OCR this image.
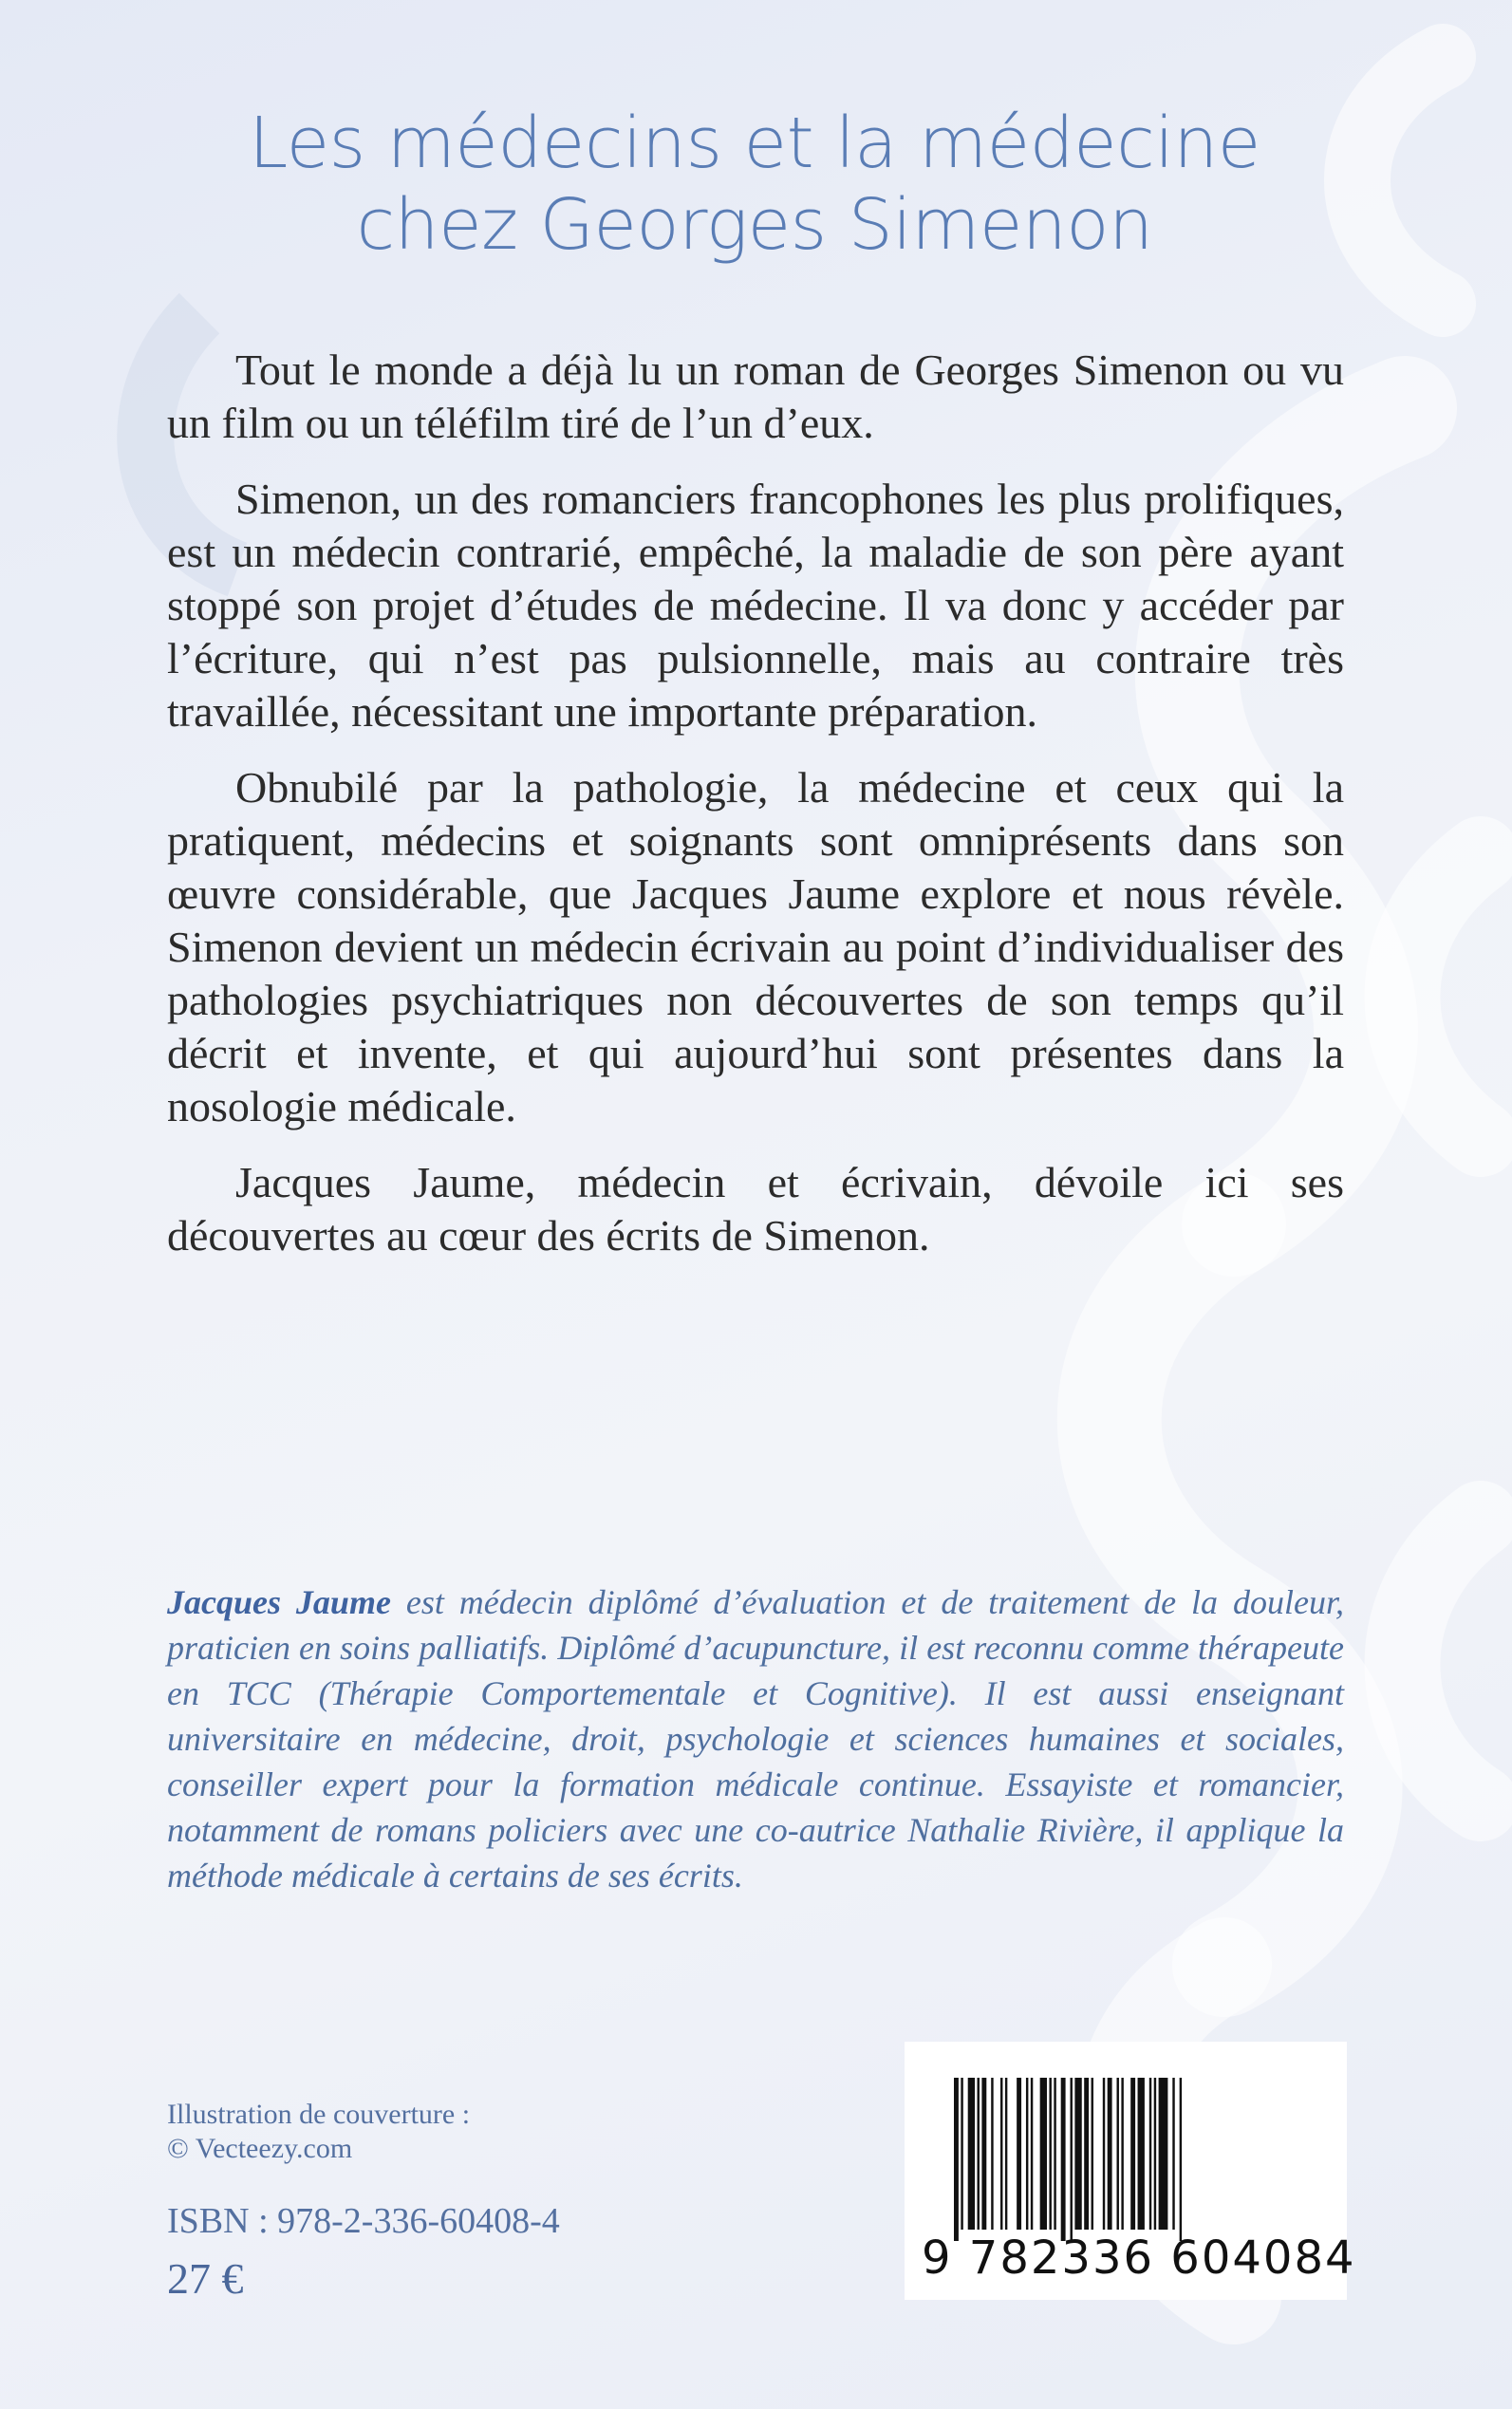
Les médecins et la médecine
chez Georges Simenon

Tout le monde a déjà lu un roman de Georges Simenon ou vu un film ou un téléfilm tiré de l’un d’eux.

Simenon, un des romanciers francophones les plus prolifiques, est un médecin contrarié, empêché, la maladie de son père ayant stoppé son projet d’études de médecine. Il va donc y accéder par l’écriture, qui n’est pas pulsionnelle, mais au contraire très travaillée, nécessitant une importante préparation.

Obnubilé par la pathologie, la médecine et ceux qui la pratiquent, médecins et soignants sont omniprésents dans son œuvre considérable, que Jacques Jaume explore et nous révèle. Simenon devient un médecin écrivain au point d’individualiser des pathologies psychiatriques non découvertes de son temps qu’il décrit et invente, et qui aujourd’hui sont présentes dans la nosologie médicale.

Jacques Jaume, médecin et écrivain, dévoile ici ses découvertes au cœur des écrits de Simenon.

Jacques Jaume est médecin diplômé d’évaluation et de traitement de la douleur, praticien en soins palliatifs. Diplômé d’acupuncture, il est reconnu comme thérapeute en TCC (Thérapie Comportementale et Cognitive). Il est aussi enseignant universitaire en médecine, droit, psychologie et sciences humaines et sociales, conseiller expert pour la formation médicale continue. Essayiste et romancier, notamment de romans policiers avec une co-autrice Nathalie Rivière, il applique la méthode médicale à certains de ses écrits.

Illustration de couverture :
© Vecteezy.com
ISBN : 978-2-336-60408-4
27 €	9 782336 604084
